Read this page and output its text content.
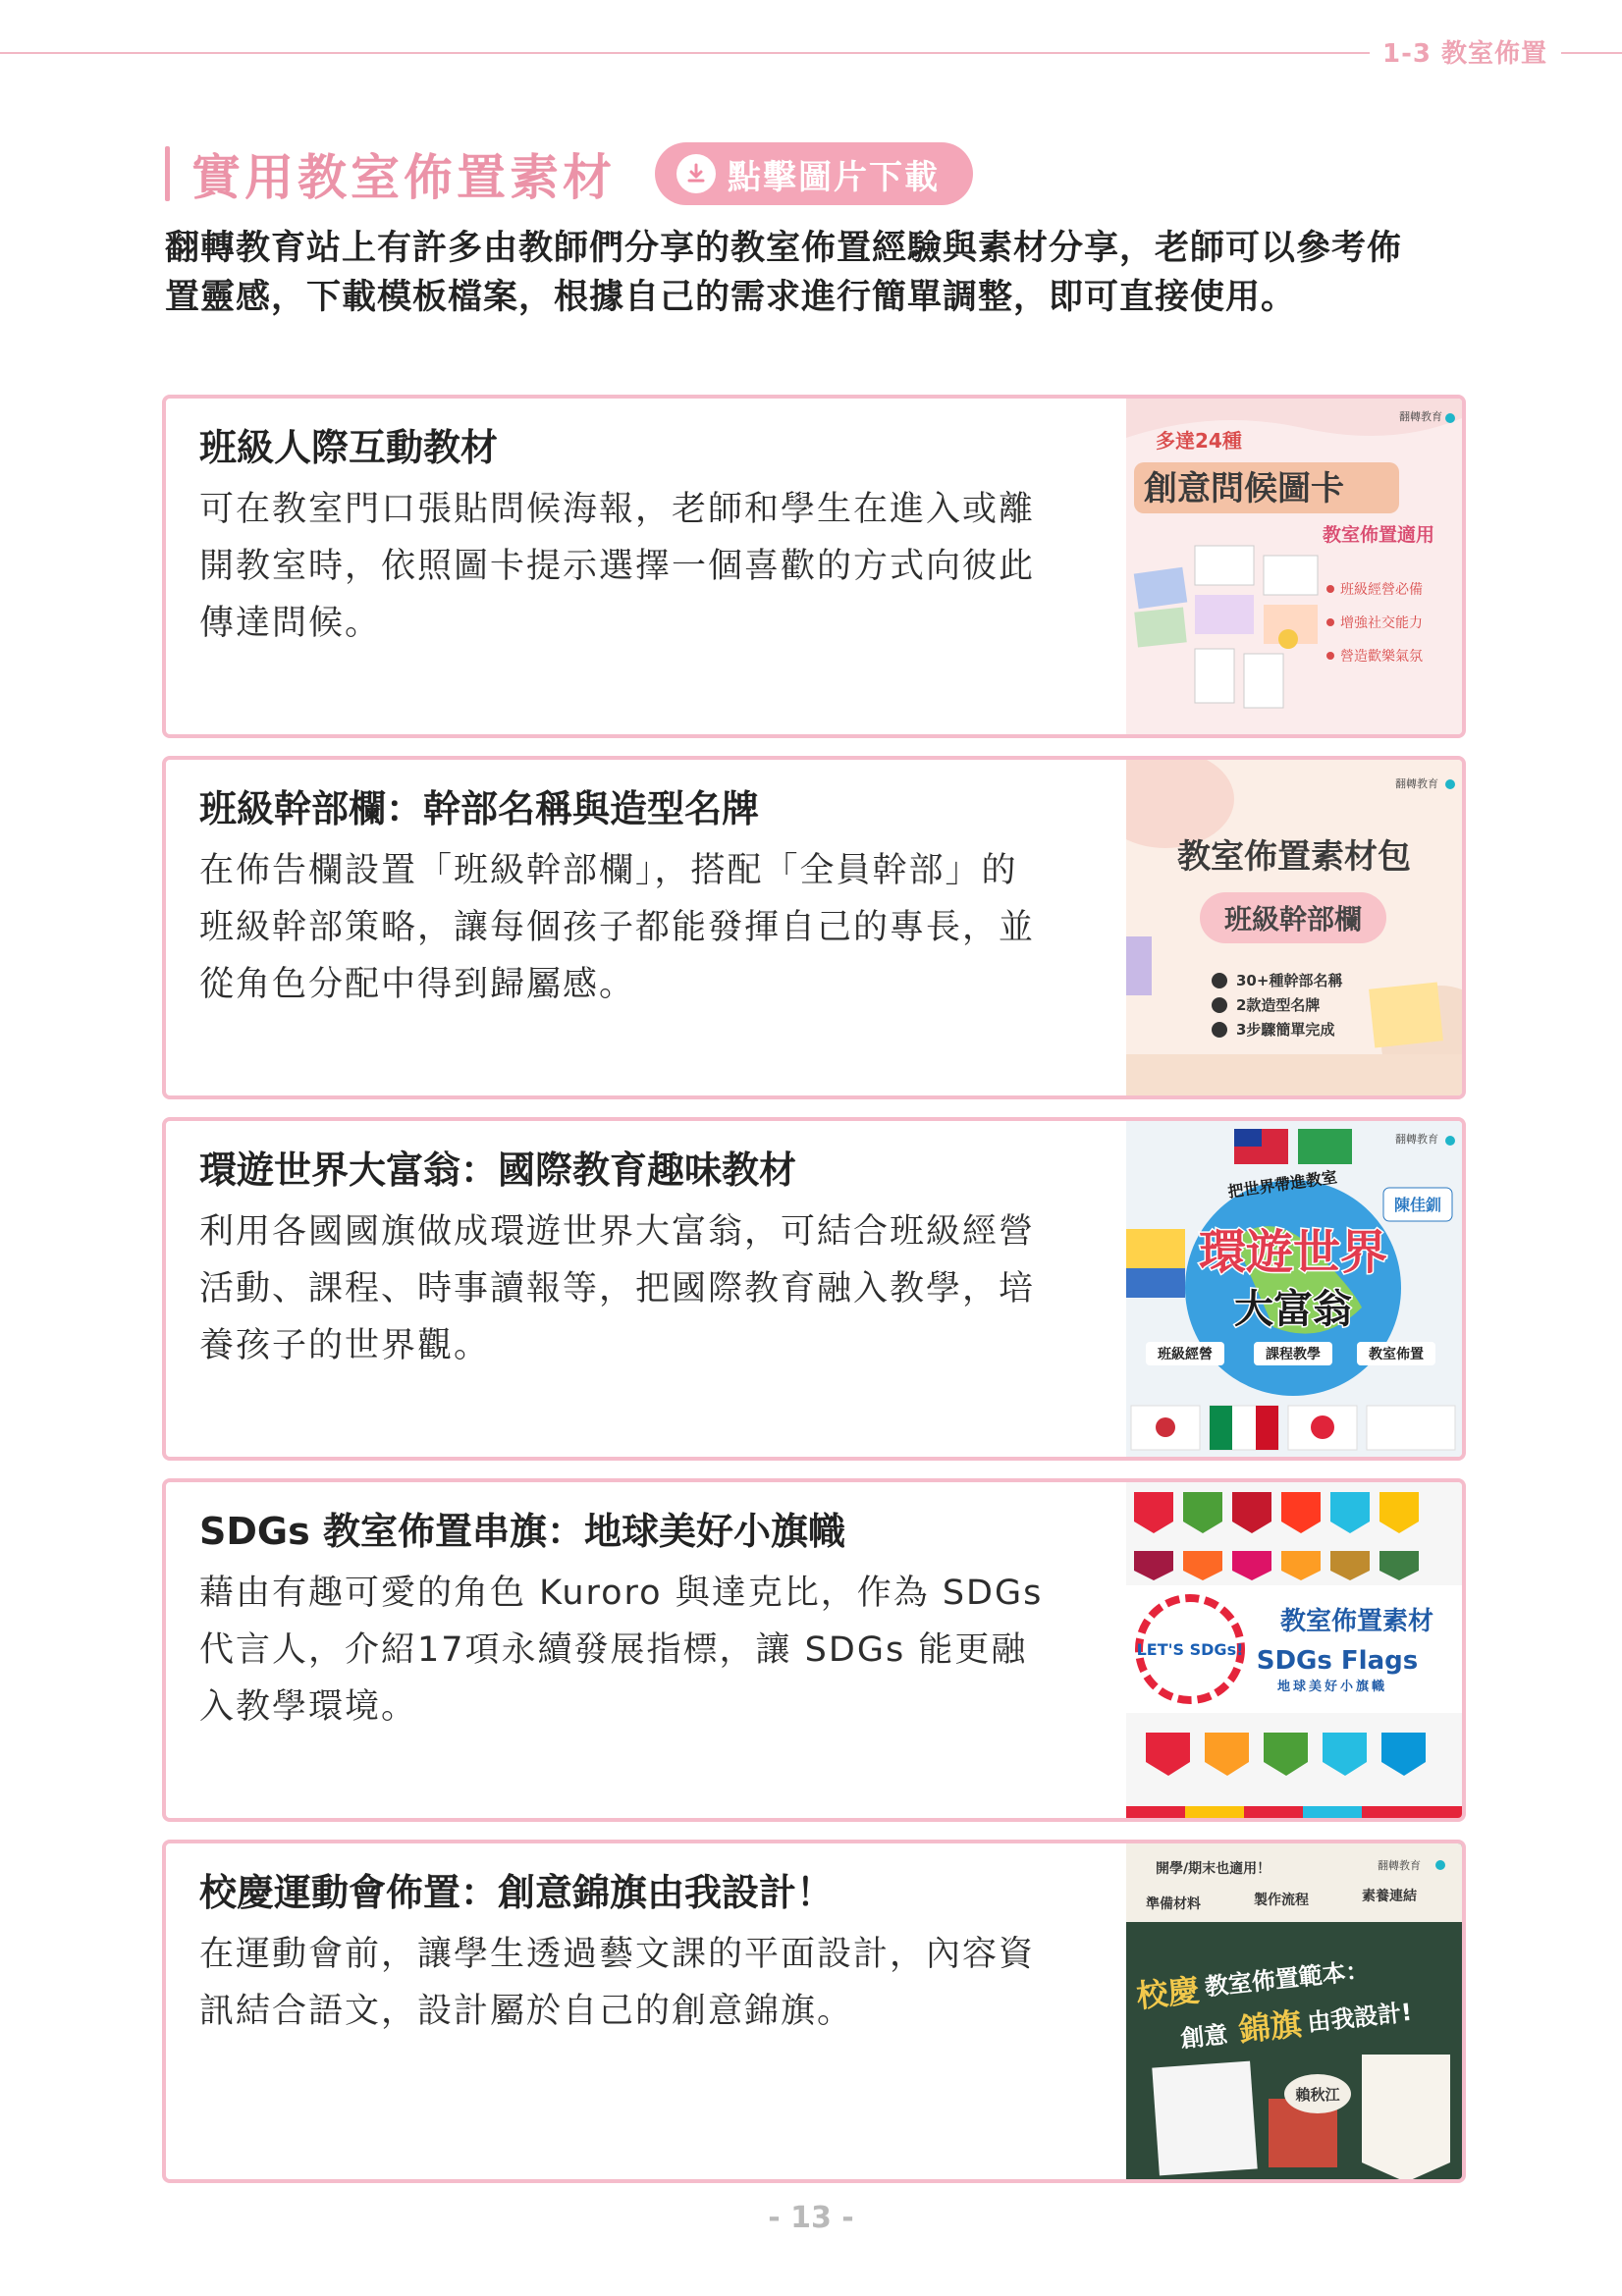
1-3 教室佈置
實用教室佈置素材	點擊圖片下載
翻轉教育站上有許多由教師們分享的教室佈置經驗與素材分享，老師可以參考佈
置靈感，下載模板檔案，根據自己的需求進行簡單調整，即可直接使用。
班級人際互動教材
可在教室門口張貼問候海報，老師和學生在進入或離
開教室時，依照圖卡提示選擇一個喜歡的方式向彼此
傳達問候。
翻轉教育
多達24種
創意問候圖卡
教室佈置適用
班級經營必備
增強社交能力
營造歡樂氣氛
班級幹部欄：幹部名稱與造型名牌
在佈告欄設置「班級幹部欄」，搭配「全員幹部」的
班級幹部策略，讓每個孩子都能發揮自己的專長，並
從角色分配中得到歸屬感。
翻轉教育
教室佈置素材包
班級幹部欄
30+種幹部名稱
2款造型名牌
3步驟簡單完成
環遊世界大富翁：國際教育趣味教材
利用各國國旗做成環遊世界大富翁，可結合班級經營
活動、課程、時事讀報等，把國際教育融入教學，培
養孩子的世界觀。
翻轉教育
把世界帶進教室
陳佳釧
環遊世界
大富翁
班級經營	課程教學	教室佈置
SDGs 教室佈置串旗：地球美好小旗幟
藉由有趣可愛的角色 Kuroro 與達克比，作為 SDGs
代言人，介紹17項永續發展指標，讓 SDGs 能更融
入教學環境。
LET'S SDGs!
教室佈置素材
SDGs Flags
地球美好小旗幟
校慶運動會佈置：創意錦旗由我設計！
在運動會前，讓學生透過藝文課的平面設計，內容資
訊結合語文，設計屬於自己的創意錦旗。
開學/期末也適用！	翻轉教育
準備材料	製作流程	素養連結
校慶 教室佈置範本：
創意 錦旗 由我設計!
賴秋江
- 13 -
